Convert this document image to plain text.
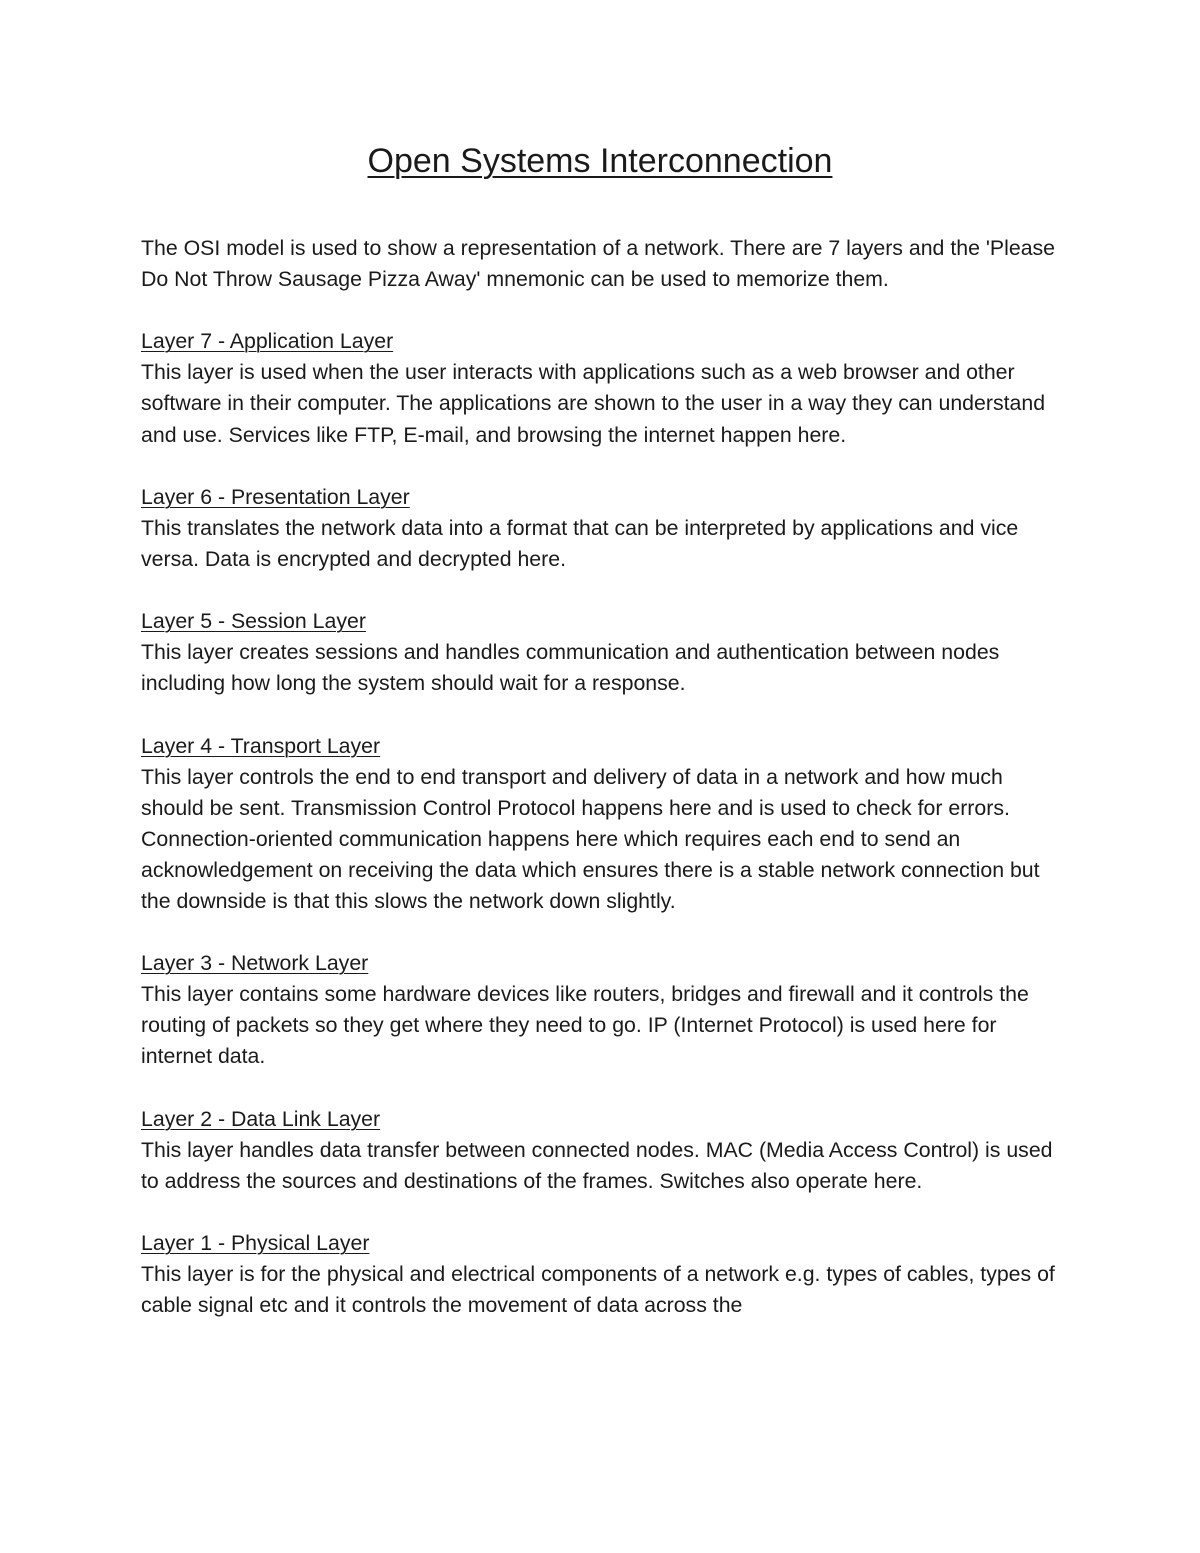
Open Systems Interconnection

The OSI model is used to show a representation of a network. There are 7 layers and the 'Please Do Not Throw Sausage Pizza Away' mnemonic can be used to memorize them.

Layer 7 - Application Layer
This layer is used when the user interacts with applications such as a web browser and other software in their computer. The applications are shown to the user in a way they can understand and use. Services like FTP, E-mail, and browsing the internet happen here.
Layer 6 - Presentation Layer
This translates the network data into a format that can be interpreted by applications and vice versa. Data is encrypted and decrypted here.
Layer 5 - Session Layer
This layer creates sessions and handles communication and authentication between nodes including how long the system should wait for a response.
Layer 4 - Transport Layer
This layer controls the end to end transport and delivery of data in a network and how much should be sent. Transmission Control Protocol happens here and is used to check for errors. Connection-oriented communication happens here which requires each end to send an acknowledgement on receiving the data which ensures there is a stable network connection but the downside is that this slows the network down slightly.
Layer 3 - Network Layer
This layer contains some hardware devices like routers, bridges and firewall and it controls the routing of packets so they get where they need to go. IP (Internet Protocol) is used here for internet data.
Layer 2 - Data Link Layer
This layer handles data transfer between connected nodes. MAC (Media Access Control) is used to address the sources and destinations of the frames. Switches also operate here.
Layer 1 - Physical Layer
This layer is for the physical and electrical components of a network e.g. types of cables, types of cable signal etc and it controls the movement of data across the
